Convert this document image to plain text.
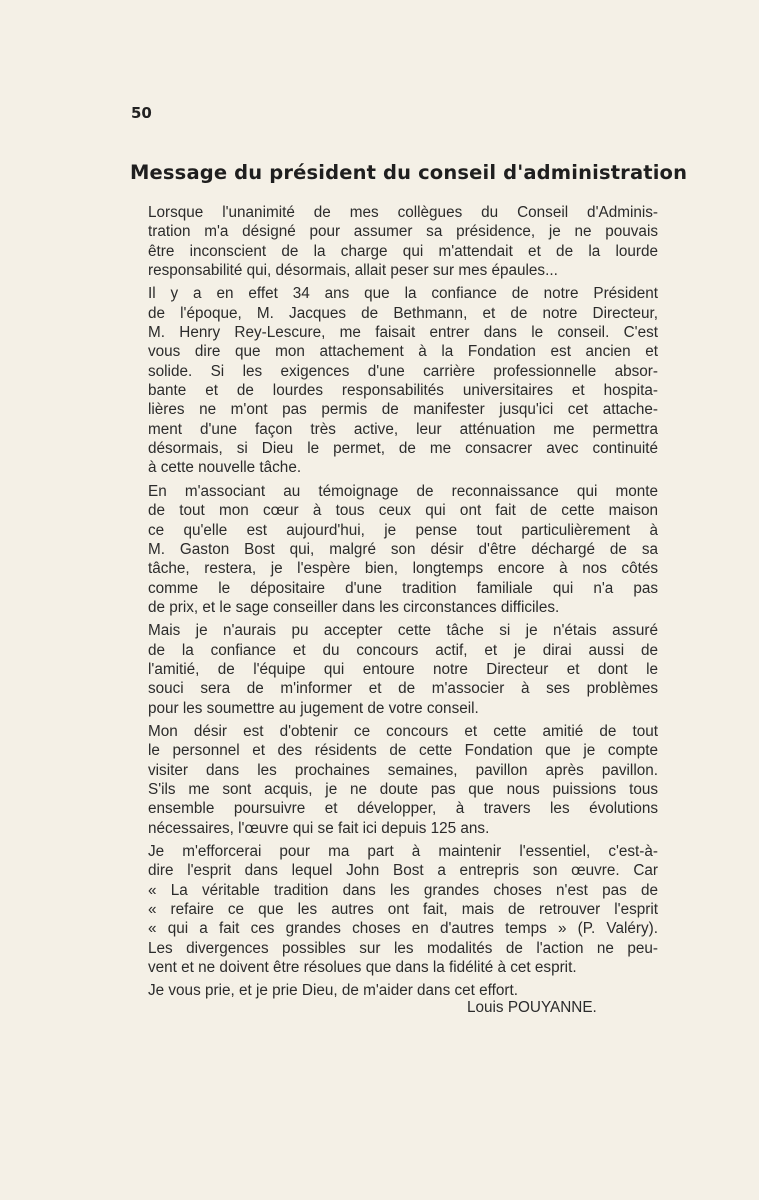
50
Message du président du conseil d'administration

Lorsque l'unanimité de mes collègues du Conseil d'Adminis-
tration m'a désigné pour assumer sa présidence, je ne pouvais
être inconscient de la charge qui m'attendait et de la lourde
responsabilité qui, désormais, allait peser sur mes épaules...

Il y a en effet 34 ans que la confiance de notre Président
de l'époque, M. Jacques de Bethmann, et de notre Directeur,
M. Henry Rey-Lescure, me faisait entrer dans le conseil. C'est
vous dire que mon attachement à la Fondation est ancien et
solide. Si les exigences d'une carrière professionnelle absor-
bante et de lourdes responsabilités universitaires et hospita-
lières ne m'ont pas permis de manifester jusqu'ici cet attache-
ment d'une façon très active, leur atténuation me permettra
désormais, si Dieu le permet, de me consacrer avec continuité
à cette nouvelle tâche.

En m'associant au témoignage de reconnaissance qui monte
de tout mon cœur à tous ceux qui ont fait de cette maison
ce qu'elle est aujourd'hui, je pense tout particulièrement à
M. Gaston Bost qui, malgré son désir d'être déchargé de sa
tâche, restera, je l'espère bien, longtemps encore à nos côtés
comme le dépositaire d'une tradition familiale qui n'a pas
de prix, et le sage conseiller dans les circonstances difficiles.

Mais je n'aurais pu accepter cette tâche si je n'étais assuré
de la confiance et du concours actif, et je dirai aussi de
l'amitié, de l'équipe qui entoure notre Directeur et dont le
souci sera de m'informer et de m'associer à ses problèmes
pour les soumettre au jugement de votre conseil.

Mon désir est d'obtenir ce concours et cette amitié de tout
le personnel et des résidents de cette Fondation que je compte
visiter dans les prochaines semaines, pavillon après pavillon.
S'ils me sont acquis, je ne doute pas que nous puissions tous
ensemble poursuivre et développer, à travers les évolutions
nécessaires, l'œuvre qui se fait ici depuis 125 ans.

Je m'efforcerai pour ma part à maintenir l'essentiel, c'est-à-
dire l'esprit dans lequel John Bost a entrepris son œuvre. Car
« La véritable tradition dans les grandes choses n'est pas de
« refaire ce que les autres ont fait, mais de retrouver l'esprit
« qui a fait ces grandes choses en d'autres temps » (P. Valéry).
Les divergences possibles sur les modalités de l'action ne peu-
vent et ne doivent être résolues que dans la fidélité à cet esprit.

Je vous prie, et je prie Dieu, de m'aider dans cet effort.

Louis POUYANNE.
